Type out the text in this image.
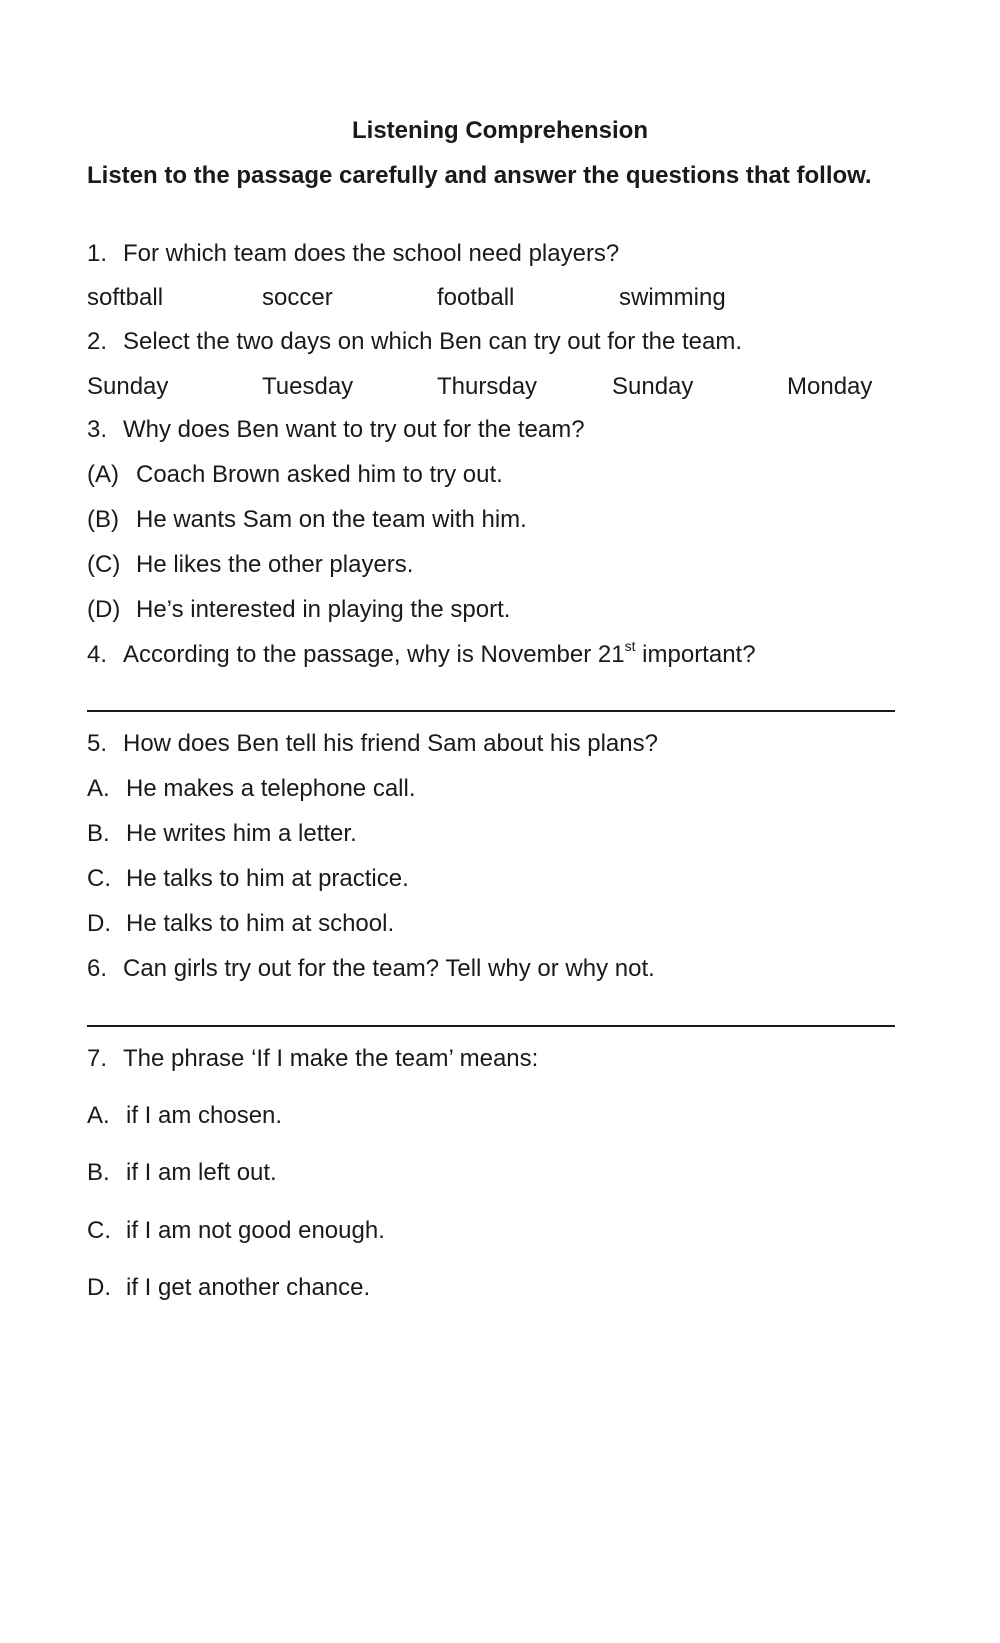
Listening Comprehension
Listen to the passage carefully and answer the questions that follow.
1. For which team does the school need players?
softball	soccer	football	swimming
2. Select the two days on which Ben can try out for the team.
Sunday	Tuesday	Thursday	Sunday	Monday
3. Why does Ben want to try out for the team?
(A) Coach Brown asked him to try out.
(B) He wants Sam on the team with him.
(C) He likes the other players.
(D) He’s interested in playing the sport.
4. According to the passage, why is November 21st important?
5. How does Ben tell his friend Sam about his plans?
A. He makes a telephone call.
B. He writes him a letter.
C. He talks to him at practice.
D. He talks to him at school.
6. Can girls try out for the team? Tell why or why not.
7. The phrase ‘If I make the team’ means:
A. if I am chosen.
B. if I am left out.
C. if I am not good enough.
D. if I get another chance.
